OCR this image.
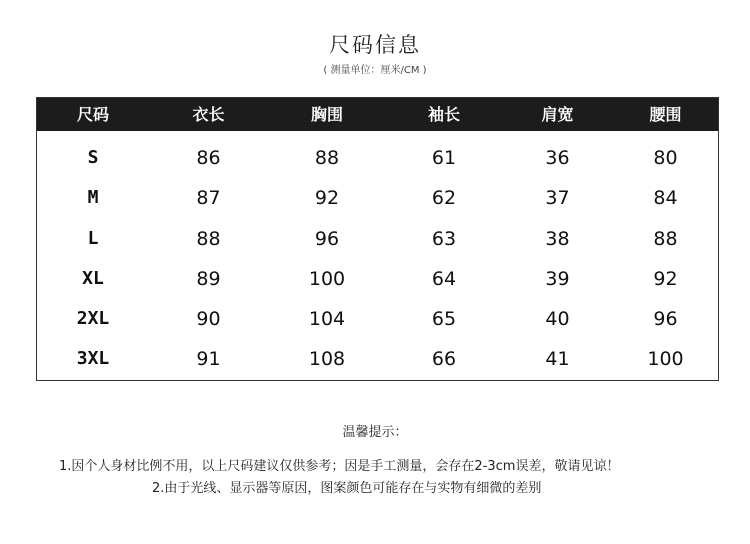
尺码信息
( 测量单位：厘米/CM )
尺码	衣长	胸围	袖长	肩宽	腰围
S	86	88	61	36	80
M	87	92	62	37	84
L	88	96	63	38	88
XL	89	100	64	39	92
2XL	90	104	65	40	96
3XL	91	108	66	41	100
温馨提示：
1.因个人身材比例不用，以上尺码建议仅供参考；因是手工测量，会存在2-3cm误差，敬请见谅！
2.由于光线、显示器等原因，图案颜色可能存在与实物有细微的差别
